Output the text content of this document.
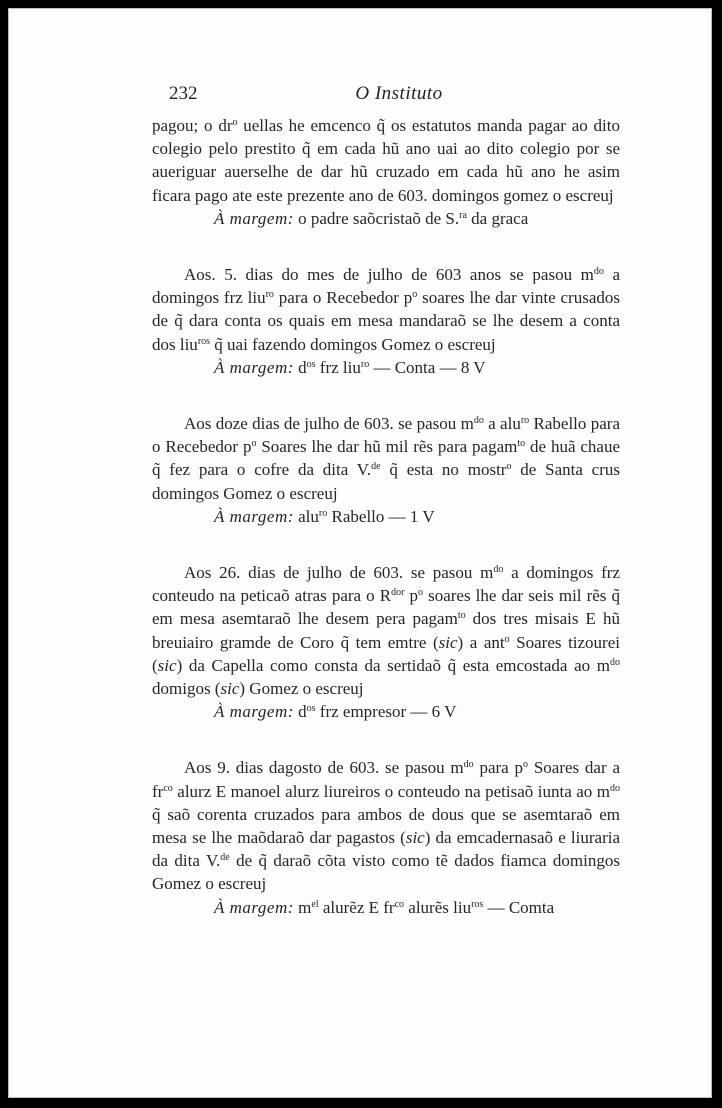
232	O Instituto

pagou; o $dr^o$ uellas he emcenco q̃ os estatutos manda pagar ao dito colegio pelo prestito q̃ em cada hũ ano uai ao dito colegio por se aueriguar auerselhe de dar hũ cruzado em cada hũ ano he asim ficara pago ate este prezente ano de 603. domingos gomez o escreuj

À margem: o padre saõcristaõ de S.$^{ra}$ da graca

Aos. 5. dias do mes de julho de 603 anos se pasou $m^{do}$ a domingos frz liu$^{ro}$ para o Recebedor $p^o$ soares lhe dar vinte crusados de q̃ dara conta os quais em mesa mandaraõ se lhe desem a conta dos liu$^{ros}$ q̃ uai fazendo domingos Gomez o escreuj

À margem: $d^{os}$ frz liu$^{ro}$ — Conta — 8 V

Aos doze dias de julho de 603. se pasou $m^{do}$ a alu$^{ro}$ Rabello para o Recebedor $p^o$ Soares lhe dar hũ mil rẽs para pagam$^{to}$ de huã chaue q̃ fez para o cofre da dita V.$^{de}$ q̃ esta no mostr$^o$ de Santa crus domingos Gomez o escreuj

À margem: alu$^{ro}$ Rabello — 1 V

Aos 26. dias de julho de 603. se pasou $m^{do}$ a domingos frz conteudo na peticaõ atras para o $R^{dor}$ $p^o$ soares lhe dar seis mil rẽs q̃ em mesa asemtaraõ lhe desem pera pagam$^{to}$ dos tres misais E hũ breuiairo gramde de Coro q̃ tem emtre (sic) a ant$^o$ Soares tizourei (sic) da Capella como consta da sertidaõ q̃ esta emcostada ao $m^{do}$ domigos (sic) Gomez o escreuj

À margem: $d^{os}$ frz empresor — 6 V

Aos 9. dias dagosto de 603. se pasou $m^{do}$ para $p^o$ Soares dar a $fr^{co}$ alurz E manoel alurz liureiros o conteudo na petisaõ iunta ao $m^{do}$ q̃ saõ corenta cruzados para ambos de dous que se asemtaraõ em mesa se lhe maõdaraõ dar pagastos (sic) da emcadernasaõ e liuraria da dita V.$^{de}$ de q̃ daraõ cõta visto como tẽ dados fiamca domingos Gomez o escreuj

À margem: $m^{el}$ alurẽz E $fr^{co}$ alurẽs liu$^{ros}$ — Comta
